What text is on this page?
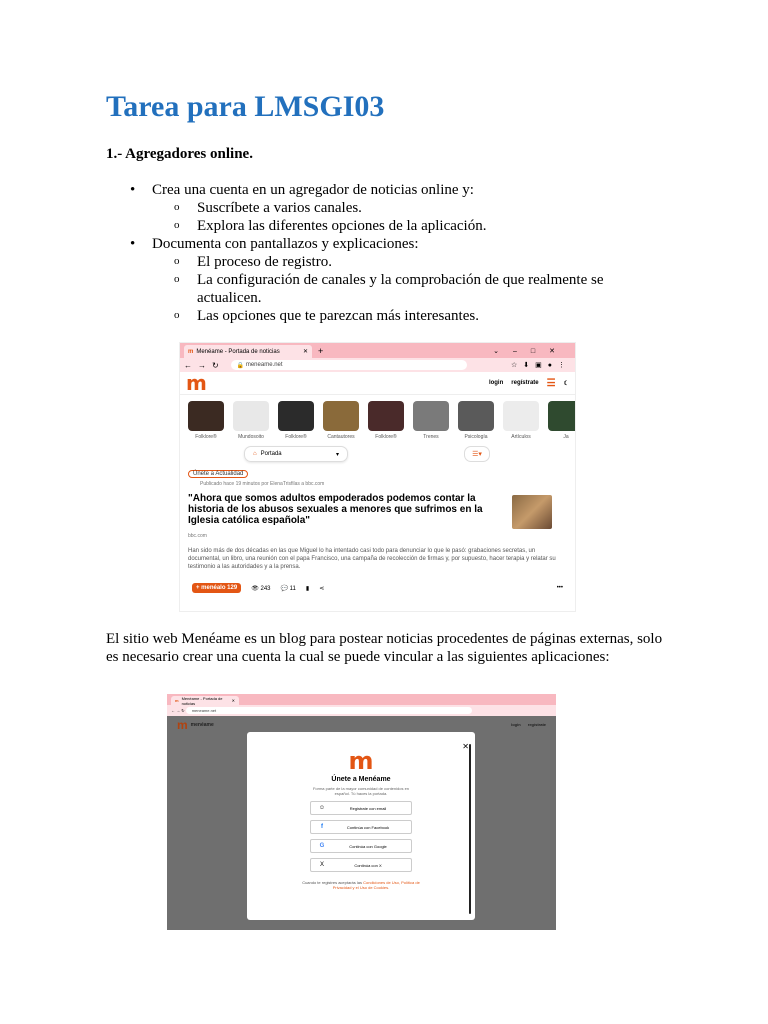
Tarea para LMSGI03
1.- Agregadores online.
• Crea una cuenta en un agregador de noticias online y:
o Suscríbete a varios canales.
o Explora las diferentes opciones de la aplicación.
• Documenta con pantallazos y explicaciones:
o El proceso de registro.
o La configuración de canales y la comprobación de que realmente se actualicen.
o Las opciones que te parezcan más interesantes.
m Menéame - Portada de noticias	✕ +	⌄–□✕
←→↻	🔒 meneame.net	☆⬇▣●⋮
m	login regístrate ☰ ☾
Folklore®	Mundosoito	Folklore®	Cantautores	Folklore®	Trenes	Psicología	Artículos	Ja
⌂ Portada	▾	☰▾
Únete a Actualidad
Publicado hace 19 minutos por ElenaTrisfilas a bbc.com
"Ahora que somos adultos empoderados podemos contar la historia de los abusos sexuales a menores que sufrimos en la Iglesia católica española"
bbc.com
Han sido más de dos décadas en las que Miguel lo ha intentado casi todo para denunciar lo que le pasó: grabaciones secretas, un documental, un libro, una reunión con el papa Francisco, una campaña de recolección de firmas y, por supuesto, hacer terapia y relatar su testimonio a las autoridades y a la prensa.
+ menéalo 129	👁 243 💬 11 ▮ ⋖	•••
El sitio web Menéame es un blog para postear noticias procedentes de páginas externas, solo es necesario crear una cuenta la cual se puede vincular a las siguientes aplicaciones:
m Menéame - Portada de noticias	✕
← → ↻ meneame.net
m menéame	login regístrate
✕
m
Únete a Menéame
Forma parte de la mayor comunidad de contenidos en español. Tú haces la portada.
☺	Registrate con email
f	Continúa con Facebook
G	Continúa con Google
X	Continúa con X
Cuando te registres aceptarás las Condiciones de Uso, Política de Privacidad y el Uso de Cookies.
